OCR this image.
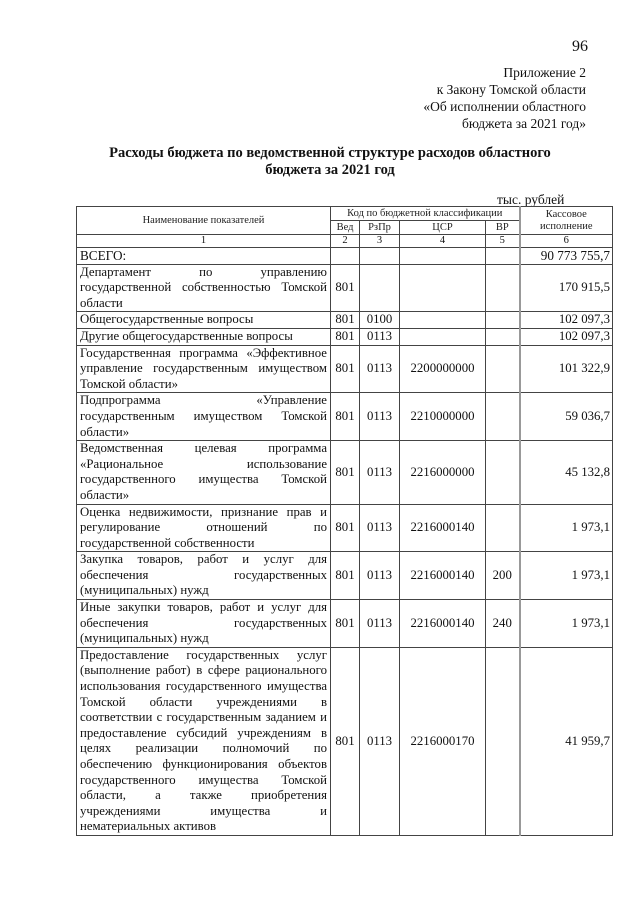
96
Приложение 2
к Закону Томской области
«Об исполнении областного
бюджета за 2021 год»
Расходы бюджета по ведомственной структуре расходов областного
бюджета за 2021 год
тыс. рублей
Наименование показателей	Код по бюджетной классификации				Кассовое исполнение
	Вед	РзПр	ЦСР	ВР	
1	2	3	4	5	6
ВСЕГО:					90 773 755,7
Департамент по управлению государственной собственностью Томской области	801				170 915,5
Общегосударственные вопросы	801	0100			102 097,3
Другие общегосударственные вопросы	801	0113			102 097,3
Государственная программа «Эффективное управление государственным имуществом Томской области»	801	0113	2200000000		101 322,9
Подпрограмма «Управление государственным имуществом Томской области»	801	0113	2210000000		59 036,7
Ведомственная целевая программа «Рациональное использование государственного имущества Томской области»	801	0113	2216000000		45 132,8
Оценка недвижимости, признание прав и регулирование отношений по государственной собственности	801	0113	2216000140		1 973,1
Закупка товаров, работ и услуг для обеспечения государственных (муниципальных) нужд	801	0113	2216000140	200	1 973,1
Иные закупки товаров, работ и услуг для обеспечения государственных (муниципальных) нужд	801	0113	2216000140	240	1 973,1
Предоставление государственных услуг (выполнение работ) в сфере рационального использования государственного имущества Томской области учреждениями в соответствии с государственным заданием и предоставление субсидий учреждениям в целях реализации полномочий по обеспечению функционирования объектов государственного имущества Томской области, а также приобретения учреждениями имущества и нематериальных активов	801	0113	2216000170		41 959,7
